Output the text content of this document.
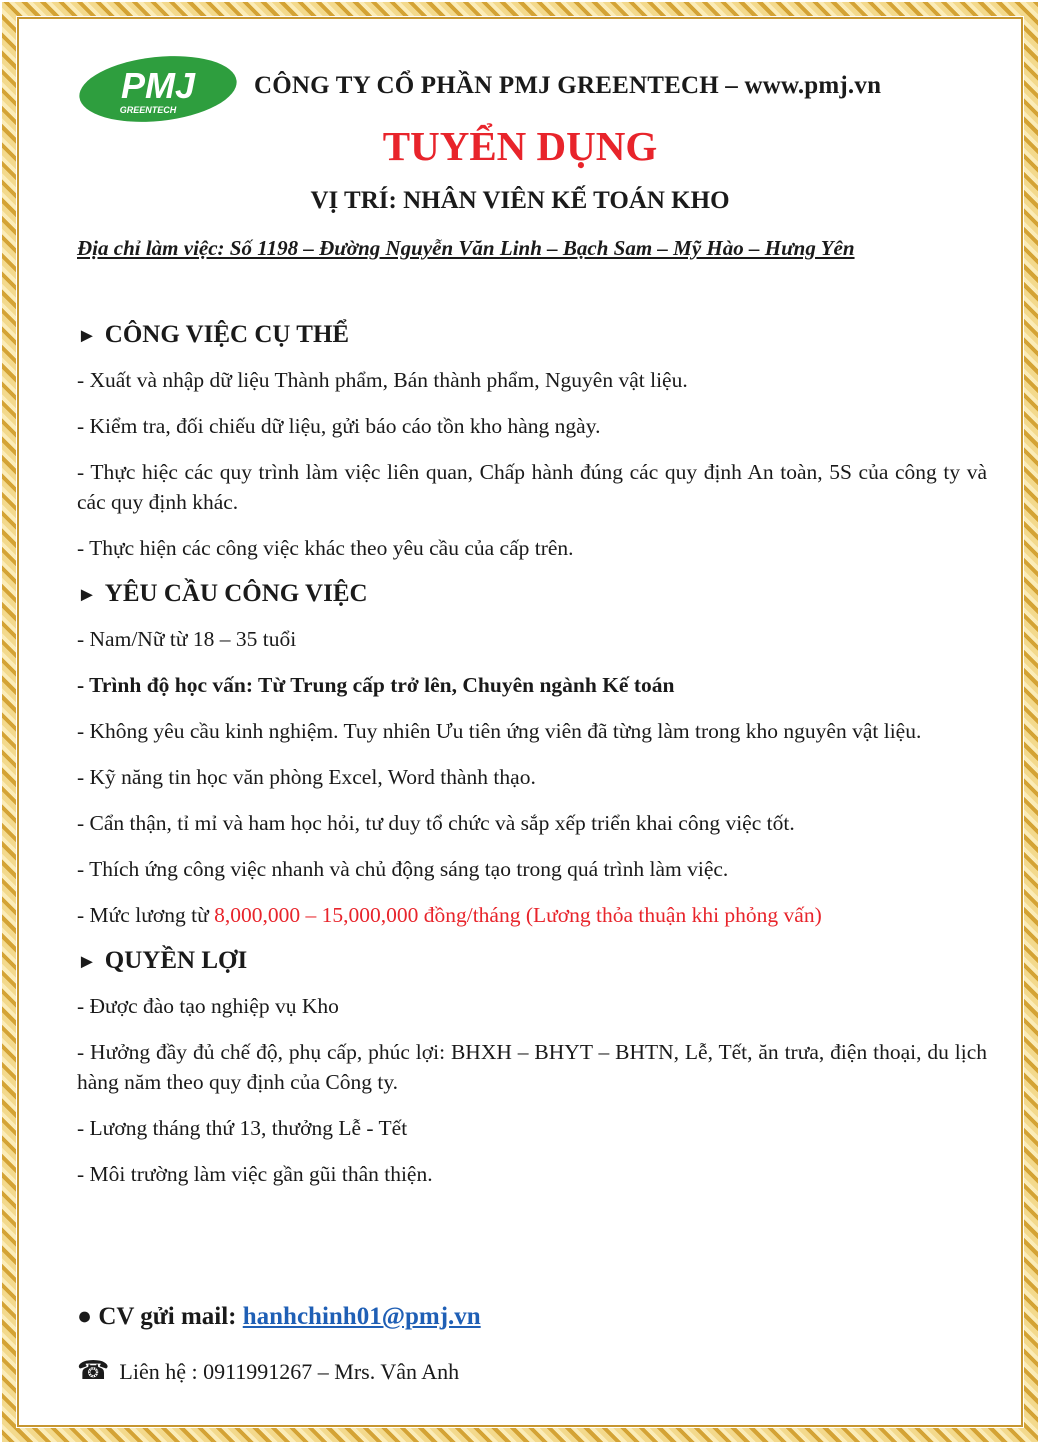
PMJ
GREENTECH
CÔNG TY CỔ PHẦN PMJ GREENTECH – www.pmj.vn
TUYỂN DỤNG
VỊ TRÍ: NHÂN VIÊN KẾ TOÁN KHO
Địa chỉ làm việc: Số 1198 – Đường Nguyễn Văn Linh – Bạch Sam – Mỹ Hào – Hưng Yên
► CÔNG VIỆC CỤ THỂ
- Xuất và nhập dữ liệu Thành phẩm, Bán thành phẩm, Nguyên vật liệu.
- Kiểm tra, đối chiếu dữ liệu, gửi báo cáo tồn kho hàng ngày.
- Thực hiệc các quy trình làm việc liên quan, Chấp hành đúng các quy định An toàn, 5S của công ty và các quy định khác.
- Thực hiện các công việc khác theo yêu cầu của cấp trên.
► YÊU CẦU CÔNG VIỆC
- Nam/Nữ từ 18 – 35 tuổi
- Trình độ học vấn: Từ Trung cấp trở lên, Chuyên ngành Kế toán
- Không yêu cầu kinh nghiệm. Tuy nhiên Ưu tiên ứng viên đã từng làm trong kho nguyên vật liệu.
- Kỹ năng tin học văn phòng Excel, Word thành thạo.
- Cẩn thận, tỉ mỉ và ham học hỏi, tư duy tổ chức và sắp xếp triển khai công việc tốt.
- Thích ứng công việc nhanh và chủ động sáng tạo trong quá trình làm việc.
- Mức lương từ 8,000,000 – 15,000,000 đồng/tháng (Lương thỏa thuận khi phỏng vấn)
► QUYỀN LỢI
- Được đào tạo nghiệp vụ Kho
- Hưởng đầy đủ chế độ, phụ cấp, phúc lợi: BHXH – BHYT – BHTN, Lễ, Tết, ăn trưa, điện thoại, du lịch hàng năm theo quy định của Công ty.
- Lương tháng thứ 13, thưởng Lễ - Tết
- Môi trường làm việc gần gũi thân thiện.
● CV gửi mail: hanhchinh01@pmj.vn
☎ Liên hệ : 0911991267 – Mrs. Vân Anh
